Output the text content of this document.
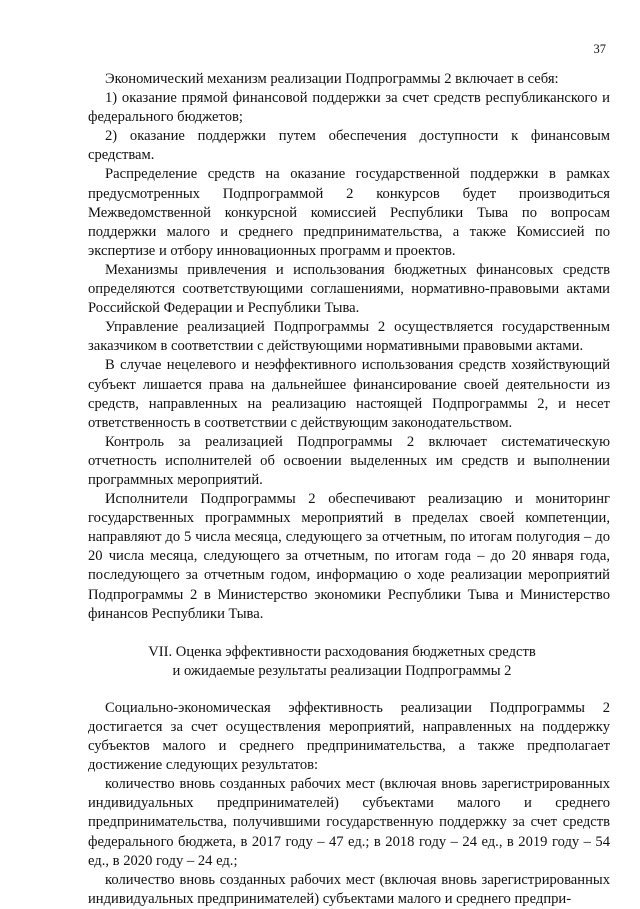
37

Экономический механизм реализации Подпрограммы 2 включает в себя:

1) оказание прямой финансовой поддержки за счет средств республиканского и федерального бюджетов;

2) оказание поддержки путем обеспечения доступности к финансовым средствам.

Распределение средств на оказание государственной поддержки в рамках предусмотренных Подпрограммой 2 конкурсов будет производиться Межведомственной конкурсной комиссией Республики Тыва по вопросам поддержки малого и среднего предпринимательства, а также Комиссией по экспертизе и отбору инновационных программ и проектов.

Механизмы привлечения и использования бюджетных финансовых средств определяются соответствующими соглашениями, нормативно-правовыми актами Российской Федерации и Республики Тыва.

Управление реализацией Подпрограммы 2 осуществляется государственным заказчиком в соответствии с действующими нормативными правовыми актами.

В случае нецелевого и неэффективного использования средств хозяйствующий субъект лишается права на дальнейшее финансирование своей деятельности из средств, направленных на реализацию настоящей Подпрограммы 2, и несет ответственность в соответствии с действующим законодательством.

Контроль за реализацией Подпрограммы 2 включает систематическую отчетность исполнителей об освоении выделенных им средств и выполнении программных мероприятий.

Исполнители Подпрограммы 2 обеспечивают реализацию и мониторинг государственных программных мероприятий в пределах своей компетенции, направляют до 5 числа месяца, следующего за отчетным, по итогам полугодия – до 20 числа месяца, следующего за отчетным, по итогам года – до 20 января года, последующего за отчетным годом, информацию о ходе реализации мероприятий Подпрограммы 2 в Министерство экономики Республики Тыва и Министерство финансов Республики Тыва.

VII. Оценка эффективности расходования бюджетных средств
и ожидаемые результаты реализации Подпрограммы 2

Социально-экономическая эффективность реализации Подпрограммы 2 достигается за счет осуществления мероприятий, направленных на поддержку субъектов малого и среднего предпринимательства, а также предполагает достижение следующих результатов:

количество вновь созданных рабочих мест (включая вновь зарегистрированных индивидуальных предпринимателей) субъектами малого и среднего предпринимательства, получившими государственную поддержку за счет средств федерального бюджета, в 2017 году – 47 ед.; в 2018 году – 24 ед., в 2019 году – 54 ед., в 2020 году – 24 ед.;

количество вновь созданных рабочих мест (включая вновь зарегистрированных индивидуальных предпринимателей) субъектами малого и среднего предпри-
